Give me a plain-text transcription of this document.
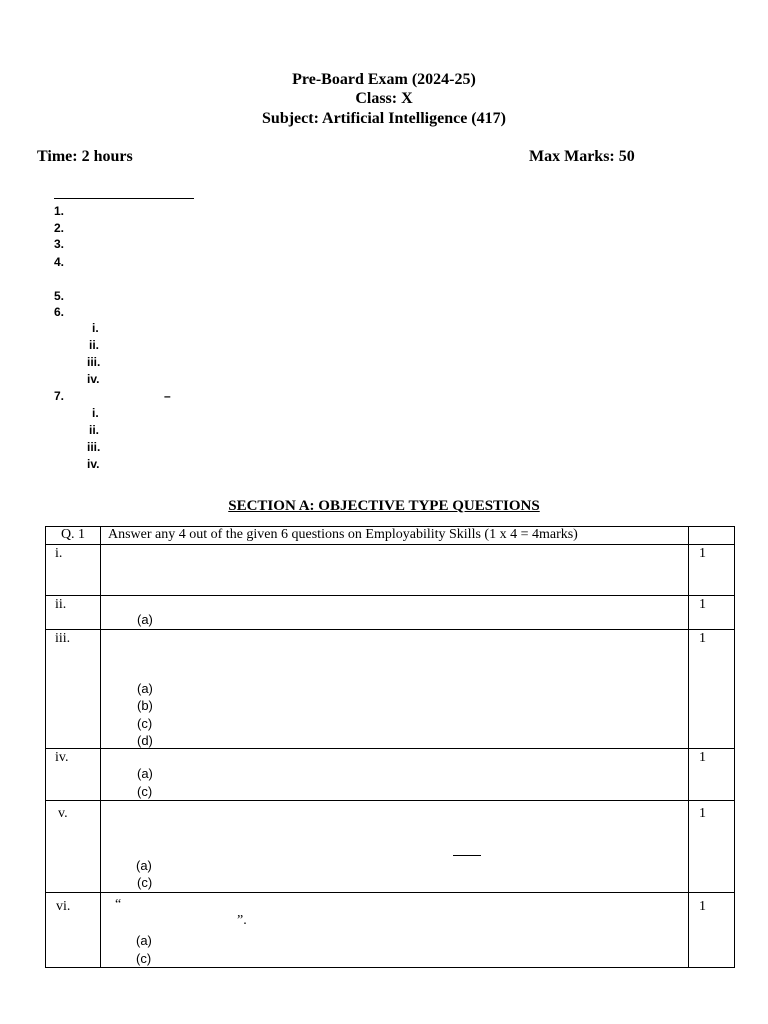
Pre-Board Exam (2024-25)
Class: X
Subject: Artificial Intelligence (417)
Time: 2 hours	Max Marks: 50
1.
2.
3.
4.
5.
6.
i.
ii.
iii.
iv.
7.	–
i.
ii.
iii.
iv.
SECTION A: OBJECTIVE TYPE QUESTIONS
Q. 1	Answer any 4 out of the given 6 questions on Employability Skills (1 x 4 = 4marks)	

i.		1

ii.	(a)	1

iii.	(a)
(b)
(c)
(d)	1

iv.	(a)
(c)	1

v.	(a)
(c)	1

vi.	“
”.
(a)
(c)	1
